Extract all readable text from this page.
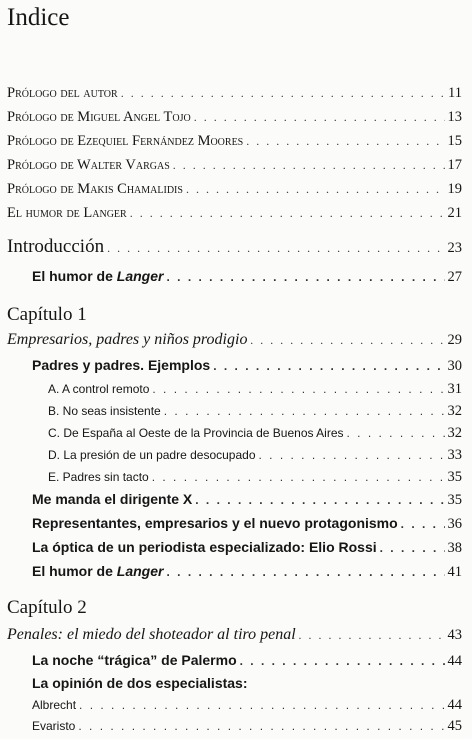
Indice
Prólogo del autor . . .	11
Prólogo de Miguel Angel Tojo . . .	13
Prólogo de Ezequiel Fernández Moores . . .	15
Prólogo de Walter Vargas . . .	17
Prólogo de Makis Chamalidis . . .	19
El humor de Langer . . .	21
Introducción . . .	23
El humor de Langer . . .	27
Capítulo 1
Empresarios, padres y niños prodigio . . .	29
Padres y padres. Ejemplos . . .	30
A. A control remoto . . .	31
B. No seas insistente . . .	32
C. De España al Oeste de la Provincia de Buenos Aires . . .	32
D. La presión de un padre desocupado . . .	33
E. Padres sin tacto . . .	35
Me manda el dirigente X . . .	35
Representantes, empresarios y el nuevo protagonismo . . .	36
La óptica de un periodista especializado: Elio Rossi . . .	38
El humor de Langer . . .	41
Capítulo 2
Penales: el miedo del shoteador al tiro penal . . .	43
La noche “trágica” de Palermo . . .	44
La opinión de dos especialistas:
Albrecht . . .	44
Evaristo . . .	45
